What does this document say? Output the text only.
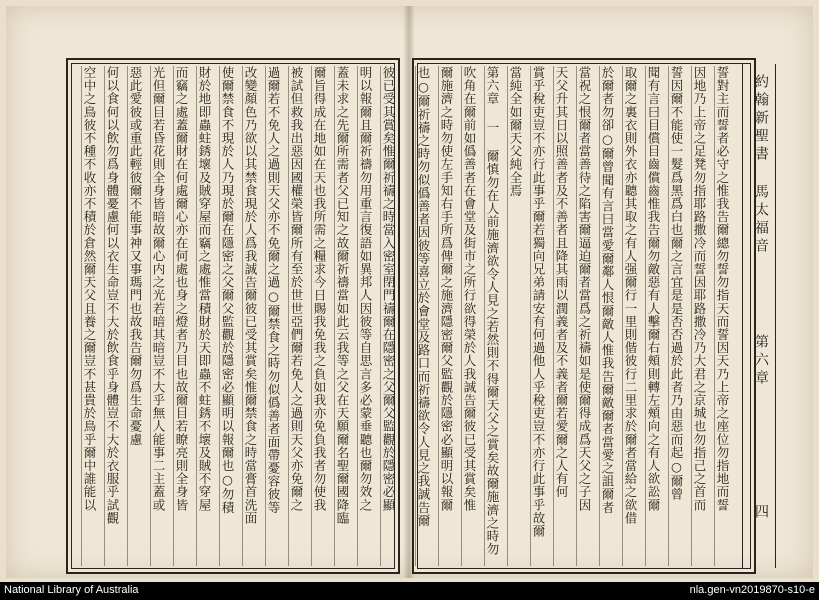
彼已受其賞矣惟爾祈禱之時當入密室閉門禱爾在隱密之父爾父監觀於隱密必顯
明以報爾且爾祈禱勿用重言復語如異邦人因彼等自思言多必蒙垂聽也爾勿效之
蓋未求之先爾所需者父已知之故爾祈禱當如此云我等之父在天願爾名聖爾國降臨
爾旨得成在地如在天也我所需之糧求今日賜我免我之負如我亦免負我者勿使我
被試但救我出惡因國權榮皆爾所有至於世世亞們爾若免人之過則天父亦免爾之
過爾若不免人之過則天父亦不免爾之過○爾禁食之時勿似僞善者面帶憂容彼等
改變顏色乃欲以其禁食現於人爲我誠告爾彼已受其賞矣惟爾禁食之時當膏首洗面
使爾禁食不現於人乃現於爾在隱密之父爾父監觀於隱密必顯明以報爾也○勿積
財於地即蟲蛀銹壞及賊穿屋而竊之處惟當積財於天即蟲不蛀銹不壞及賊不穿屋
而竊之處蓋爾財在何處爾心亦在何處也身之燈者乃目也故爾目若瞭亮則全身皆
光但爾目若昏花則全身皆暗故爾心内之光若暗其暗豈不大乎無人能事二主蓋或
惡此愛彼或重此輕彼爾不能事神又事瑪門也故我告爾勿爲生命憂慮
何以食何以飲勿爲身體憂慮何以衣生命豈不大於飲食乎身體豈不大於衣服乎試觀
空中之鳥彼不種不收亦不積於倉然爾天父且養之爾豈不甚貴於鳥乎爾中誰能以	約翰新聖書
馬太福音
第六章
四
也○爾祈禱之時勿似僞善者因彼等喜立於會堂及路口而祈禱欲令人見之我誠告爾 爾施濟之時勿使左手知右手所爲俾爾之施濟隱密爾父監觀於隱密必顯明以報爾 吹角在爾前如僞善者在會堂及街市之所行欲得榮於人我誠告爾彼已受其賞矣惟 第六章 一 爾慎勿在人前施濟欲令人見之若然則不得爾天父之賞矣故爾施濟之時勿 當純全如爾天父純全焉 賞乎稅吏豈不亦行此事乎爾若獨向兄弟請安有何過他人乎稅吏豈不亦行此事乎故爾 天父升其日以照善者及不善者且降其雨以潤義者及不義者爾若愛爾之人有何 當祝之恨爾者當善待之陷害爾逼迫爾者當爲之祈禱如是使爾得成爲天父之子因 於爾者勿卻○爾曾聞有言曰當愛爾鄰人恨爾敵人惟我告爾敵爾者當愛之詛爾者 取爾之裏衣則外衣亦聽其取之有人强爾行一里則偕彼行二里求於爾者當給之欲借 聞有言曰目償目齒償齒惟我告爾勿敵惡有人擊爾右頰則轉左頰向之有人欲訟爾 誓因爾不能使一髮爲黑爲白也爾之言宜是是否否過於此者乃由惡而起○爾曾 因地乃上帝之足凳勿指耶路撒冷而誓因耶路撒冷乃大君之京城也勿指己之首而 誓對主而誓者必守之惟我告爾總勿誓勿指天而誓因天乃上帝之座位勿指地而誓
National Library of Australia	nla.gen-vn2019870-s10-e
